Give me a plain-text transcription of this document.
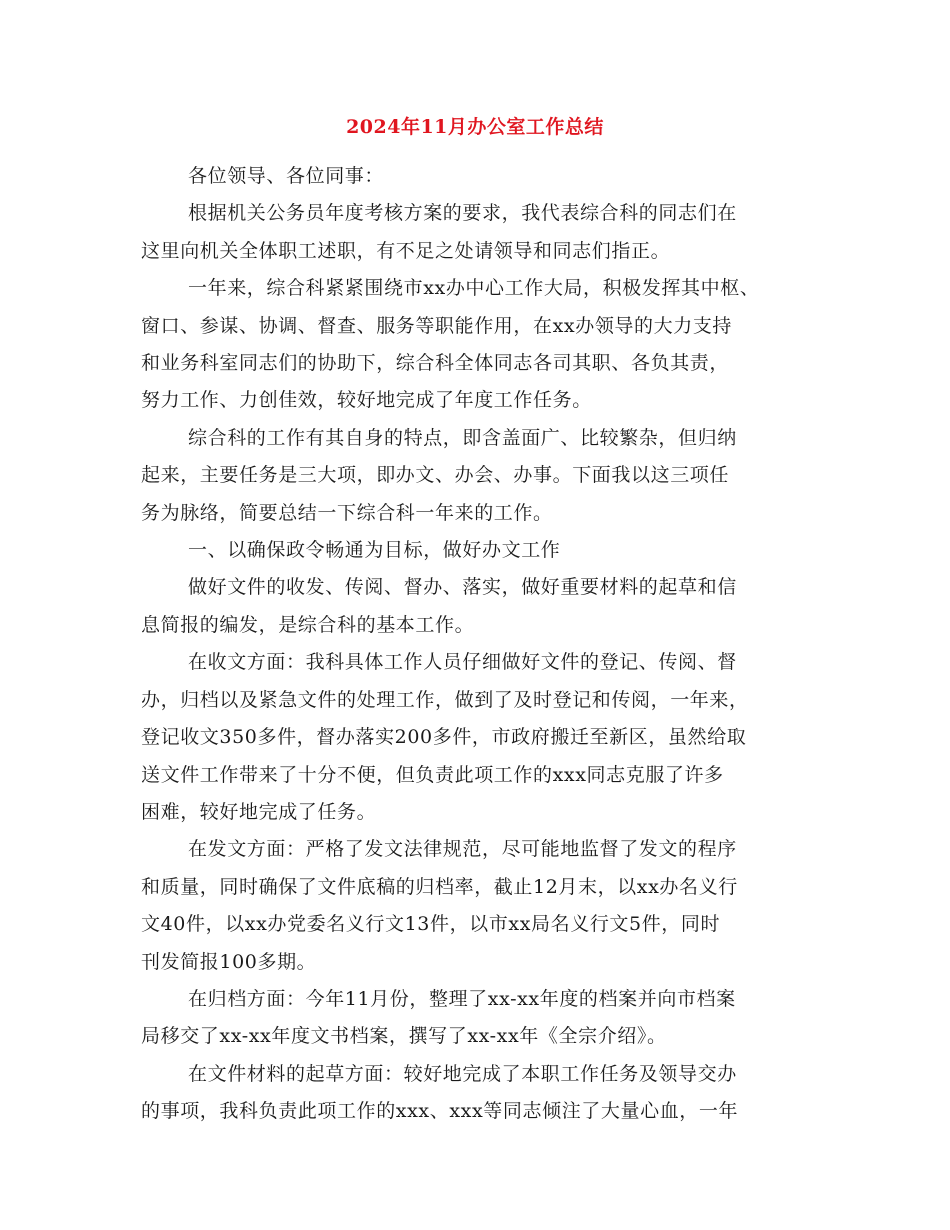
2024年11月办公室工作总结
各位领导、各位同事：
根据机关公务员年度考核方案的要求，我代表综合科的同志们在
这里向机关全体职工述职，有不足之处请领导和同志们指正。
一年来，综合科紧紧围绕市xx办中心工作大局，积极发挥其中枢、
窗口、参谋、协调、督查、服务等职能作用，在xx办领导的大力支持
和业务科室同志们的协助下，综合科全体同志各司其职、各负其责，
努力工作、力创佳效，较好地完成了年度工作任务。
综合科的工作有其自身的特点，即含盖面广、比较繁杂，但归纳
起来，主要任务是三大项，即办文、办会、办事。下面我以这三项任
务为脉络，简要总结一下综合科一年来的工作。
一、以确保政令畅通为目标，做好办文工作
做好文件的收发、传阅、督办、落实，做好重要材料的起草和信
息简报的编发，是综合科的基本工作。
在收文方面：我科具体工作人员仔细做好文件的登记、传阅、督
办，归档以及紧急文件的处理工作，做到了及时登记和传阅，一年来，
登记收文350多件，督办落实200多件，市政府搬迁至新区，虽然给取
送文件工作带来了十分不便，但负责此项工作的xxx同志克服了许多
困难，较好地完成了任务。
在发文方面：严格了发文法律规范，尽可能地监督了发文的程序
和质量，同时确保了文件底稿的归档率，截止12月末，以xx办名义行
文40件，以xx办党委名义行文13件，以市xx局名义行文5件，同时
刊发简报100多期。
在归档方面：今年11月份，整理了xx-xx年度的档案并向市档案
局移交了xx-xx年度文书档案，撰写了xx-xx年《全宗介绍》。
在文件材料的起草方面：较好地完成了本职工作任务及领导交办
的事项，我科负责此项工作的xxx、xxx等同志倾注了大量心血，一年
